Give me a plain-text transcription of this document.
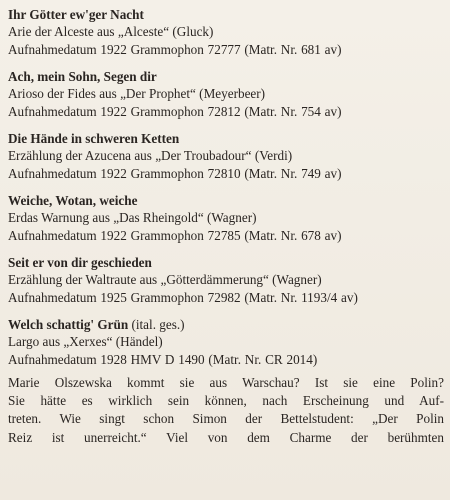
Ihr Götter ew'ger Nacht
Arie der Alceste aus „Alceste“ (Gluck)
Aufnahmedatum 1922 Grammophon 72777 (Matr. Nr. 681 av)
Ach, mein Sohn, Segen dir
Arioso der Fides aus „Der Prophet“ (Meyerbeer)
Aufnahmedatum 1922 Grammophon 72812 (Matr. Nr. 754 av)
Die Hände in schweren Ketten
Erzählung der Azucena aus „Der Troubadour“ (Verdi)
Aufnahmedatum 1922 Grammophon 72810 (Matr. Nr. 749 av)
Weiche, Wotan, weiche
Erdas Warnung aus „Das Rheingold“ (Wagner)
Aufnahmedatum 1922 Grammophon 72785 (Matr. Nr. 678 av)
Seit er von dir geschieden
Erzählung der Waltraute aus „Götterdämmerung“ (Wagner)
Aufnahmedatum 1925 Grammophon 72982 (Matr. Nr. 1193/4 av)
Welch schattig' Grün (ital. ges.)
Largo aus „Xerxes“ (Händel)
Aufnahmedatum 1928 HMV D 1490 (Matr. Nr. CR 2014)

Marie Olszewska kommt sie aus Warschau? Ist sie eine Polin?

Sie hätte es wirklich sein können, nach Erscheinung und Auf-

treten. Wie singt schon Simon der Bettelstudent: „Der Polin

Reiz ist unerreicht.“ Viel von dem Charme der berühmten
